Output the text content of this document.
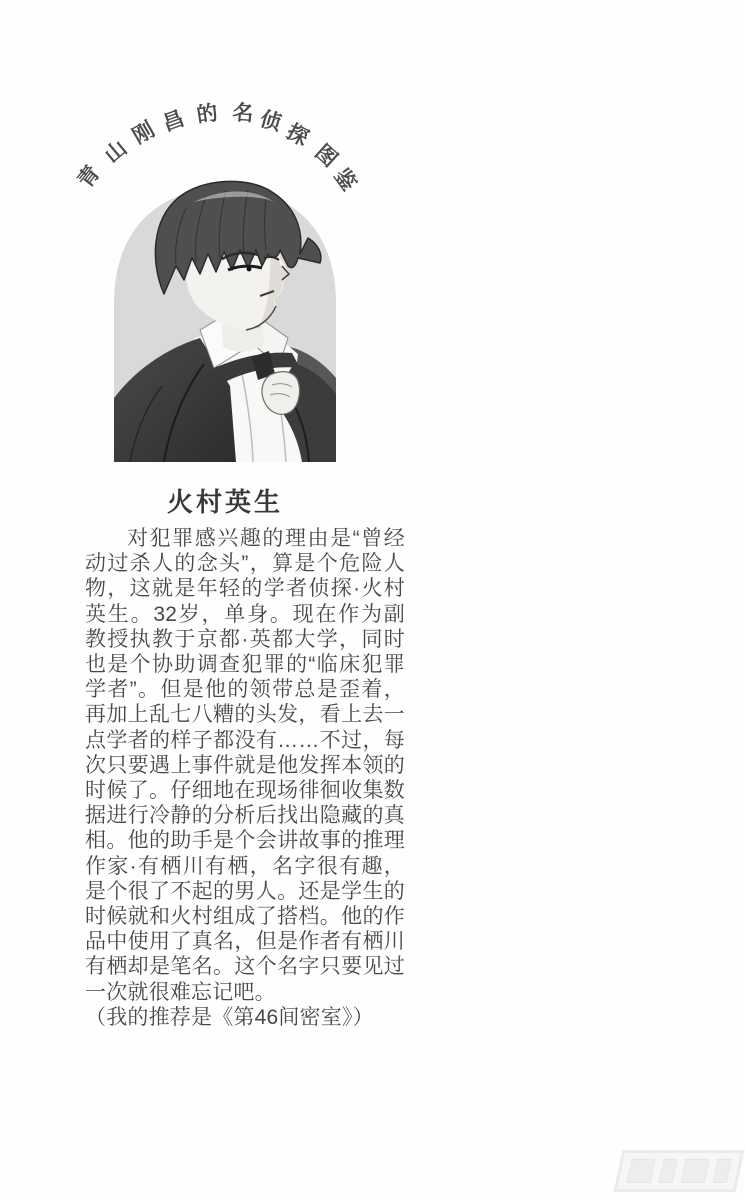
青
山
刚 昌 的 名 侦
探
图
鉴
火村英生

对犯罪感兴趣的理由是“曾经动过杀人的念头”，算是个危险人物，这就是年轻的学者侦探·火村英生。32岁，单身。现在作为副教授执教于京都·英都大学，同时也是个协助调查犯罪的“临床犯罪学者”。但是他的领带总是歪着，再加上乱七八糟的头发，看上去一点学者的样子都没有……不过，每次只要遇上事件就是他发挥本领的时候了。仔细地在现场徘徊收集数据进行冷静的分析后找出隐藏的真相。他的助手是个会讲故事的推理作家·有栖川有栖，名字很有趣，是个很了不起的男人。还是学生的时候就和火村组成了搭档。他的作品中使用了真名，但是作者有栖川有栖却是笔名。这个名字只要见过一次就很难忘记吧。

（我的推荐是《第46间密室》）
